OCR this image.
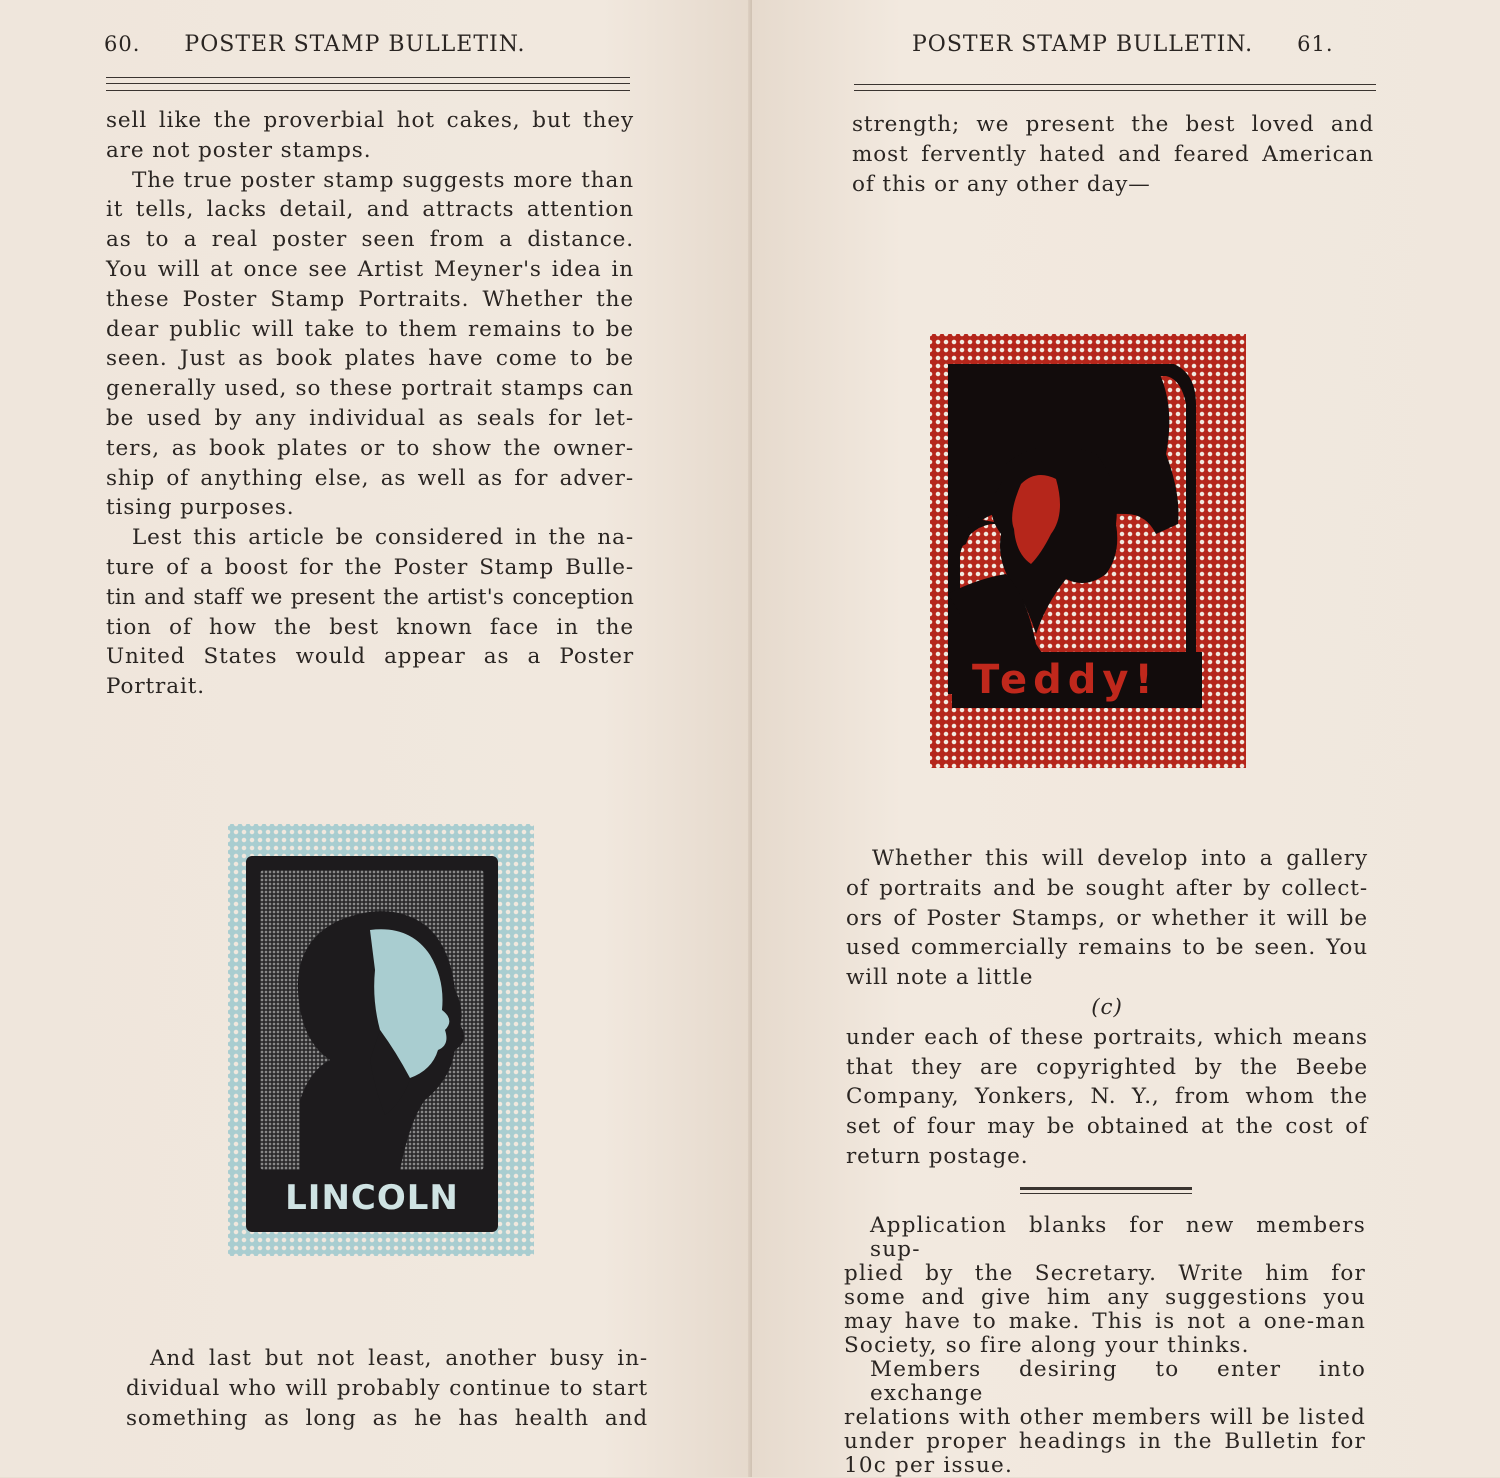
60. POSTER STAMP BULLETIN.
sell like the proverbial hot cakes, but they
are not poster stamps.
The true poster stamp suggests more than
it tells, lacks detail, and attracts attention
as to a real poster seen from a distance.
You will at once see Artist Meyner's idea in
these Poster Stamp Portraits. Whether the
dear public will take to them remains to be
seen. Just as book plates have come to be
generally used, so these portrait stamps can
be used by any individual as seals for let-
ters, as book plates or to show the owner-
ship of anything else, as well as for adver-
tising purposes.
Lest this article be considered in the na-
ture of a boost for the Poster Stamp Bulle-
tin and staff we present the artist's conception
tion of how the best known face in the
United States would appear as a Poster
Portrait.
LINCOLN
And last but not least, another busy in-
dividual who will probably continue to start
something as long as he has health and
POSTER STAMP BULLETIN. 61.
strength; we present the best loved and
most fervently hated and feared American
of this or any other day—
Teddy!
Whether this will develop into a gallery
of portraits and be sought after by collect-
ors of Poster Stamps, or whether it will be
used commercially remains to be seen. You
will note a little
(c)
under each of these portraits, which means
that they are copyrighted by the Beebe
Company, Yonkers, N. Y., from whom the
set of four may be obtained at the cost of
return postage.
Application blanks for new members sup-
plied by the Secretary. Write him for
some and give him any suggestions you
may have to make. This is not a one-man
Society, so fire along your thinks.
Members desiring to enter into exchange
relations with other members will be listed
under proper headings in the Bulletin for
10c per issue.
